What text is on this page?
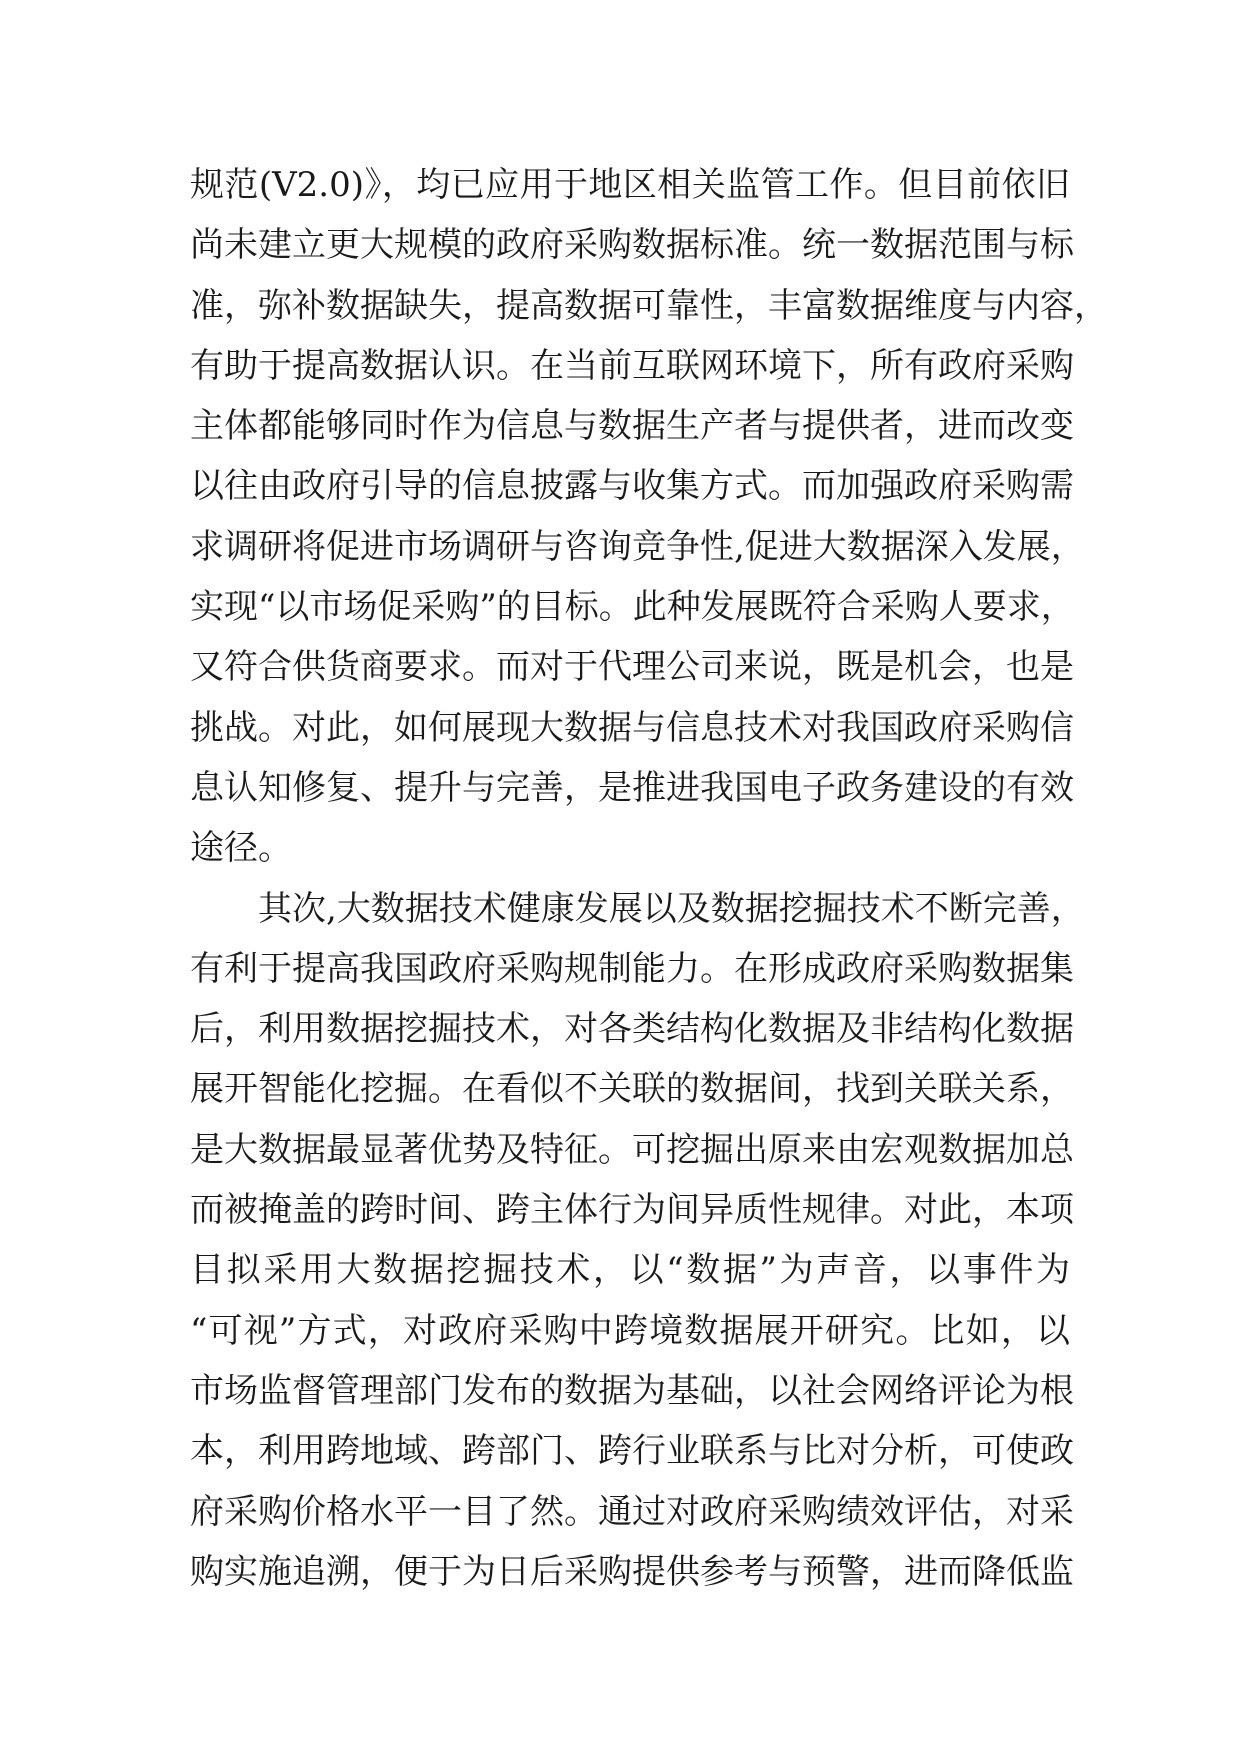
规范(V2.0)》，均已应用于地区相关监管工作。但目前依旧
尚未建立更大规模的政府采购数据标准。统一数据范围与标
准，弥补数据缺失，提高数据可靠性，丰富数据维度与内容，
有助于提高数据认识。在当前互联网环境下，所有政府采购
主体都能够同时作为信息与数据生产者与提供者，进而改变
以往由政府引导的信息披露与收集方式。而加强政府采购需
求调研将促进市场调研与咨询竞争性,促进大数据深入发展，
实现“以市场促采购”的目标。此种发展既符合采购人要求，
又符合供货商要求。而对于代理公司来说，既是机会，也是
挑战。对此，如何展现大数据与信息技术对我国政府采购信
息认知修复、提升与完善，是推进我国电子政务建设的有效
途径。
其次,大数据技术健康发展以及数据挖掘技术不断完善，
有利于提高我国政府采购规制能力。在形成政府采购数据集
后，利用数据挖掘技术，对各类结构化数据及非结构化数据
展开智能化挖掘。在看似不关联的数据间，找到关联关系，
是大数据最显著优势及特征。可挖掘出原来由宏观数据加总
而被掩盖的跨时间、跨主体行为间异质性规律。对此，本项
目拟采用大数据挖掘技术，以“数据”为声音，以事件为
“可视”方式，对政府采购中跨境数据展开研究。比如，以
市场监督管理部门发布的数据为基础，以社会网络评论为根
本，利用跨地域、跨部门、跨行业联系与比对分析，可使政
府采购价格水平一目了然。通过对政府采购绩效评估，对采
购实施追溯，便于为日后采购提供参考与预警，进而降低监
